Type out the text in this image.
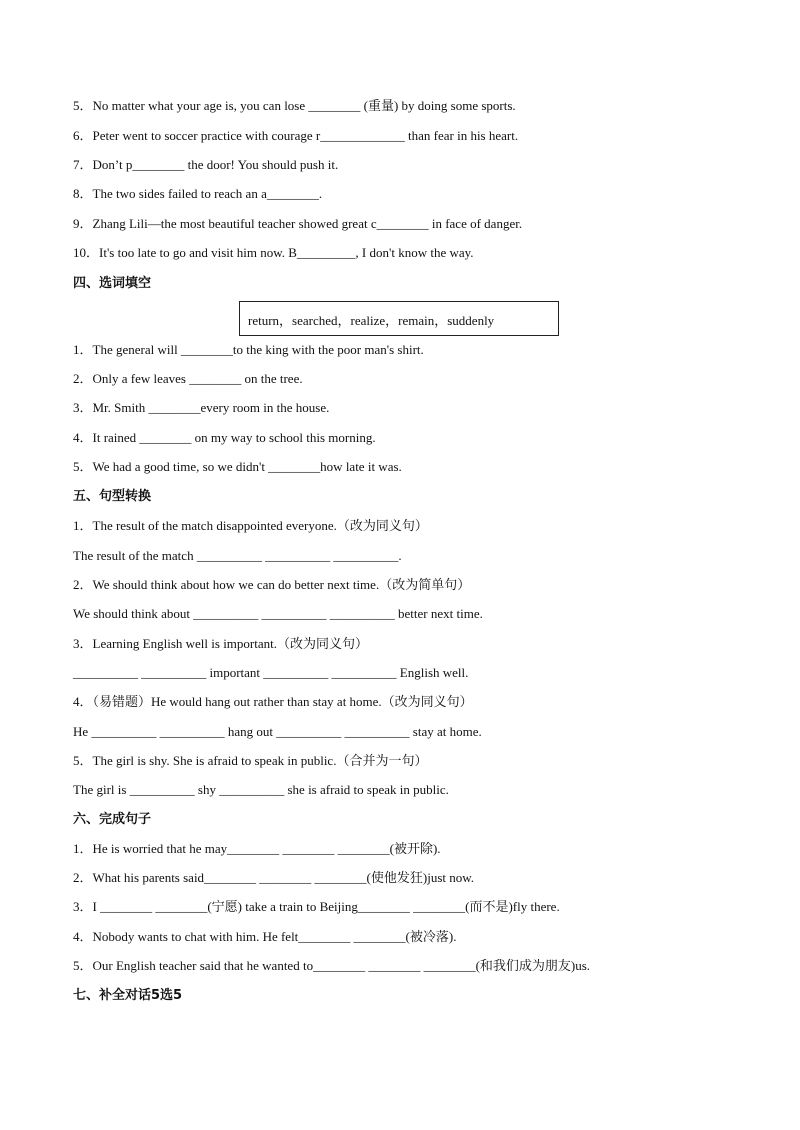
5．No matter what your age is, you can lose ________ (重量) by doing some sports.
6．Peter went to soccer practice with courage r_____________ than fear in his heart.
7．Don’t p________ the door! You should push it.
8．The two sides failed to reach an a________.
9．Zhang Lili—the most beautiful teacher showed great c________ in face of danger.
10．It's too late to go and visit him now. B_________, I don't know the way.
四、选词填空
return，searched，realize，remain，suddenly
1．The general will ________to the king with the poor man's shirt.
2．Only a few leaves ________ on the tree.
3．Mr. Smith ________every room in the house.
4．It rained ________ on my way to school this morning.
5．We had a good time, so we didn't ________how late it was.
五、句型转换
1．The result of the match disappointed everyone.（改为同义句）
The result of the match __________ __________ __________.
2．We should think about how we can do better next time.（改为简单句）
We should think about __________ __________ __________ better next time.
3．Learning English well is important.（改为同义句）
__________ __________ important __________ __________ English well.
4．（易错题）He would hang out rather than stay at home.（改为同义句）
He __________ __________ hang out __________ __________ stay at home.
5．The girl is shy. She is afraid to speak in public.（合并为一句）
The girl is __________ shy __________ she is afraid to speak in public.
六、完成句子
1．He is worried that he may________ ________ ________(被开除).
2．What his parents said________ ________ ________(使他发狂)just now.
3．I ________ ________(宁愿) take a train to Beijing________ ________(而不是)fly there.
4．Nobody wants to chat with him. He felt________ ________(被冷落).
5．Our English teacher said that he wanted to________ ________ ________(和我们成为朋友)us.
七、补全对话5选5
